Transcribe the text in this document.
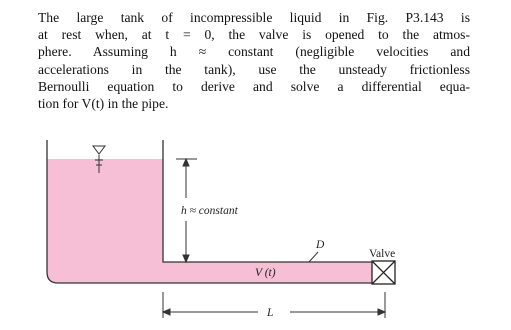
The large tank of incompressible liquid in Fig. P3.143 is
at rest when, at t = 0, the valve is opened to the atmos-
phere. Assuming h ≈ constant (negligible velocities and
accelerations in the tank), use the unsteady frictionless
Bernoulli equation to derive and solve a differential equa-
tion for V(t) in the pipe.
h ≈ constant
D
V (t)
Valve
L
